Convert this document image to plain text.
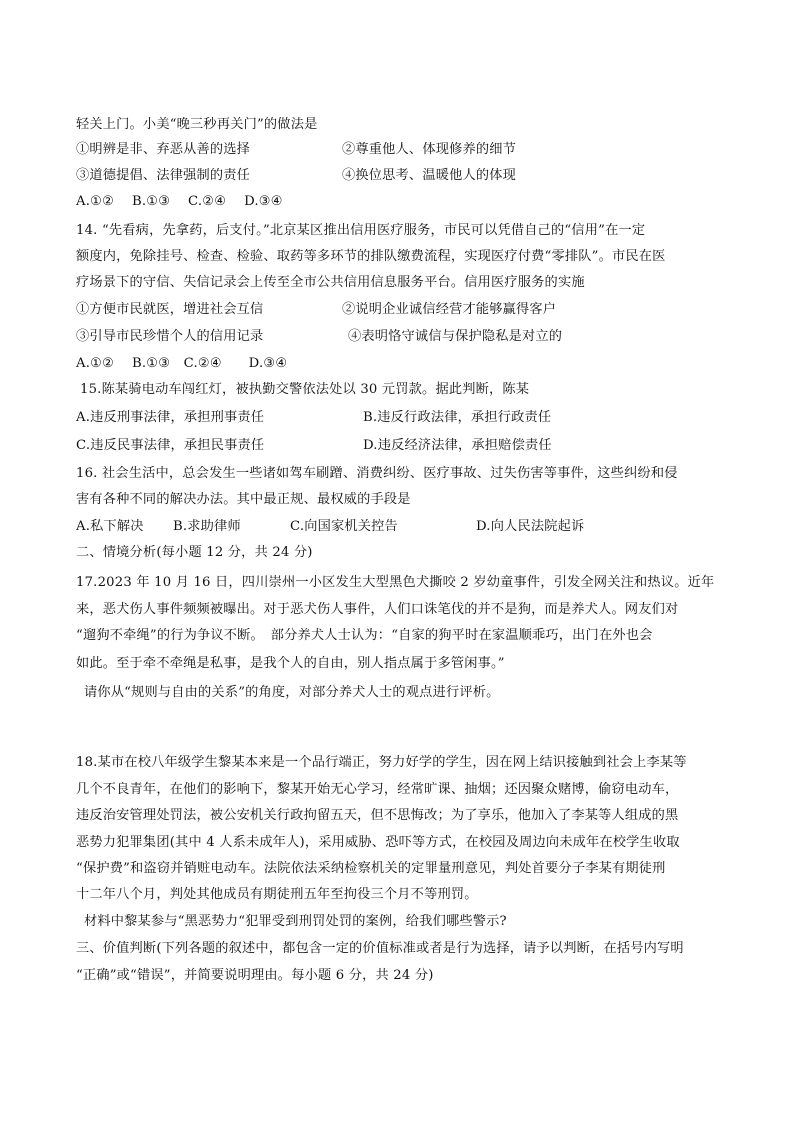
轻关上门。小美“晚三秒再关门”的做法是
①明辨是非、弃恶从善的选择	②尊重他人、体现修养的细节
③道德提倡、法律强制的责任	④换位思考、温暖他人的体现
A.①②　 B.①③　 C.②④　 D.③④
14. “先看病，先拿药，后支付。”北京某区推出信用医疗服务，市民可以凭借自己的“信用”在一定
额度内，免除挂号、检查、检验、取药等多环节的排队缴费流程，实现医疗付费“零排队”。市民在医
疗场景下的守信、失信记录会上传至全市公共信用信息服务平台。信用医疗服务的实施
①方便市民就医，增进社会互信	②说明企业诚信经营才能够赢得客户
③引导市民珍惜个人的信用记录	④表明恪守诚信与保护隐私是对立的
A.①②　 B.①③　C.②④　　D.③④
15.陈某骑电动车闯红灯，被执勤交警依法处以 30 元罚款。据此判断，陈某
A.违反刑事法律，承担刑事责任	B.违反行政法律，承担行政责任
C.违反民事法律，承担民事责任	D.违反经济法律，承担赔偿责任
16. 社会生活中，总会发生一些诸如驾车刷蹭、消费纠纷、医疗事故、过失伤害等事件，这些纠纷和侵
害有各种不同的解决办法。其中最正规、最权威的手段是
A.私下解决 B.求助律师	C.向国家机关控告	D.向人民法院起诉
二、情境分析(每小题 12 分，共 24 分)
17.2023 年 10 月 16 日，四川崇州一小区发生大型黑色犬撕咬 2 岁幼童事件，引发全网关注和热议。近年
来，恶犬伤人事件频频被曝出。对于恶犬伤人事件，人们口诛笔伐的并不是狗，而是养犬人。网友们对
“遛狗不牵绳”的行为争议不断。　部分养犬人士认为：“自家的狗平时在家温顺乖巧，出门在外也会
如此。至于牵不牵绳是私事，是我个人的自由，别人指点属于多管闲事。”
请你从“规则与自由的关系”的角度，对部分养犬人士的观点进行评析。
18.某市在校八年级学生黎某本来是一个品行端正，努力好学的学生，因在网上结识接触到社会上李某等
几个不良青年，在他们的影响下，黎某开始无心学习，经常旷课、抽烟；还因聚众赌博，偷窃电动车，
违反治安管理处罚法，被公安机关行政拘留五天，但不思悔改；为了享乐，他加入了李某等人组成的黑
恶势力犯罪集团(其中 4 人系未成年人)，采用威胁、恐吓等方式，在校园及周边向未成年在校学生收取
“保护费”和盗窃并销赃电动车。法院依法采纳检察机关的定罪量刑意见，判处首要分子李某有期徒刑
十二年八个月，判处其他成员有期徒刑五年至拘役三个月不等刑罚。
材料中黎某参与“黑恶势力“犯罪受到刑罚处罚的案例，给我们哪些警示?
三、价值判断(下列各题的叙述中，都包含一定的价值标准或者是行为选择，请予以判断，在括号内写明
“正确”或“错误”，并简要说明理由。每小题 6 分，共 24 分)
